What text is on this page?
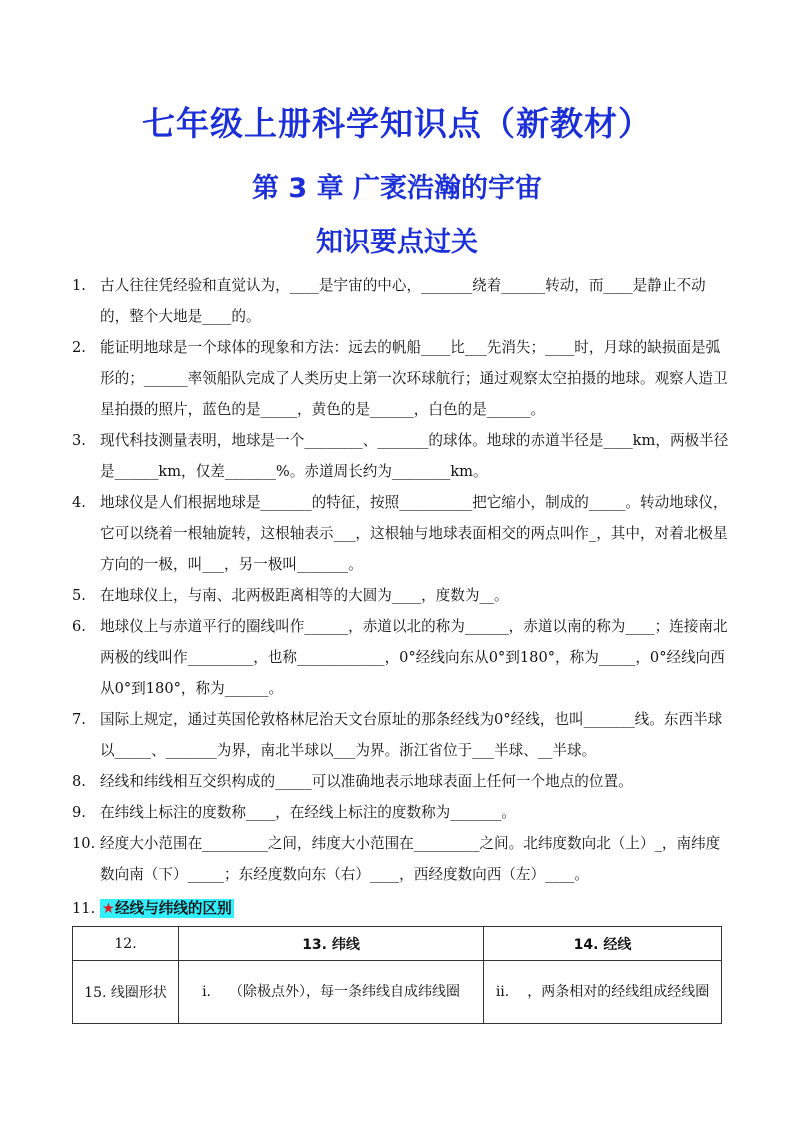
七年级上册科学知识点（新教材）
第 3 章 广袤浩瀚的宇宙
知识要点过关
1. 古人往往凭经验和直觉认为，____是宇宙的中心，_______绕着______转动，而____是静止不动的，整个大地是____的。
2. 能证明地球是一个球体的现象和方法：远去的帆船____比___先消失；____时，月球的缺损面是弧形的；______率领船队完成了人类历史上第一次环球航行；通过观察太空拍摄的地球。观察人造卫星拍摄的照片，蓝色的是_____，黄色的是______，白色的是______。
3. 现代科技测量表明，地球是一个________、_______的球体。地球的赤道半径是____km，两极半径是______km，仅差_______%。赤道周长约为________km。
4. 地球仪是人们根据地球是_______的特征，按照__________把它缩小，制成的_____。转动地球仪，它可以绕着一根轴旋转，这根轴表示___，这根轴与地球表面相交的两点叫作_，其中，对着北极星方向的一极，叫___，另一极叫_______。
5. 在地球仪上，与南、北两极距离相等的大圆为____，度数为__。
6. 地球仪上与赤道平行的圈线叫作______，赤道以北的称为______，赤道以南的称为____；连接南北两极的线叫作_________，也称____________，0°经线向东从0°到180°，称为_____，0°经线向西从0°到180°，称为______。
7. 国际上规定，通过英国伦敦格林尼治天文台原址的那条经线为0°经线，也叫_______线。东西半球以_____、_______为界，南北半球以___为界。浙江省位于___半球、__半球。
8. 经线和纬线相互交织构成的_____可以准确地表示地球表面上任何一个地点的位置。
9. 在纬线上标注的度数称____，在经线上标注的度数称为_______。
10. 经度大小范围在_________之间，纬度大小范围在_________之间。北纬度数向北（上）_，南纬度数向南（下）_____；东经度数向东（右）____，西经度数向西（左）____。
11. ★经线与纬线的区别
12.	13. 纬线	14. 经线
15. 线圈形状	i. （除极点外），每一条纬线自成纬线圈	ii. ，两条相对的经线组成经线圈
